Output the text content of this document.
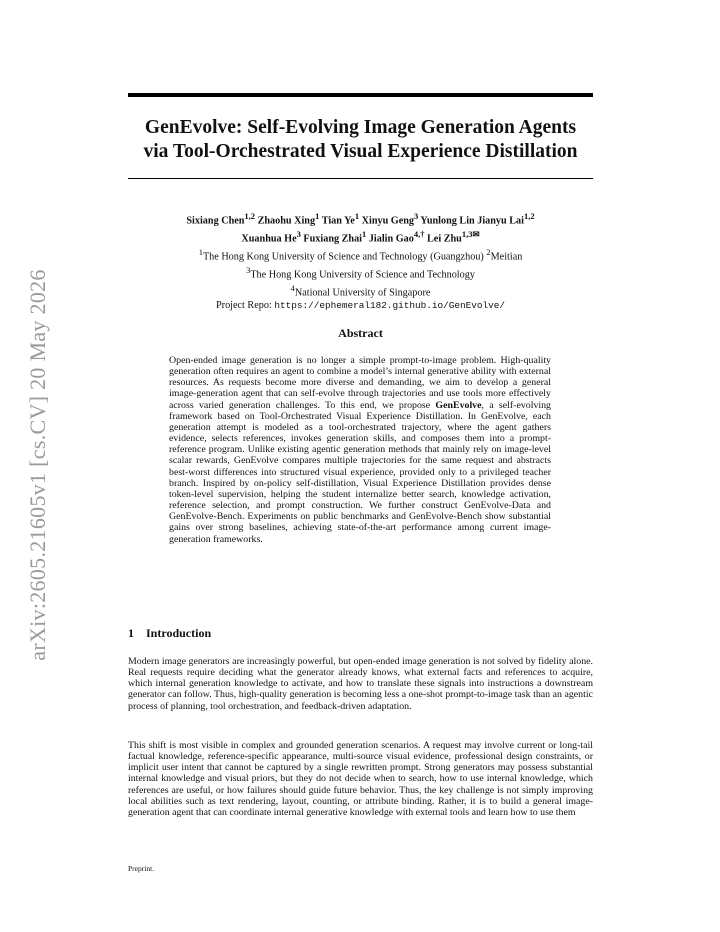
arXiv:2605.21605v1 [cs.CV] 20 May 2026
GenEvolve: Self-Evolving Image Generation Agents
via Tool-Orchestrated Visual Experience Distillation
Sixiang Chen$^{1,2}$ Zhaohu Xing$^1$ Tian Ye$^1$ Xinyu Geng$^3$ Yunlong Lin Jianyu Lai$^{1,2}$
Xuanhua He$^3$ Fuxiang Zhai$^1$ Jialin Gao$^{4,\dagger}$ Lei Zhu$^{1,3✉}$
$^1$The Hong Kong University of Science and Technology (Guangzhou) $^2$Meitian
$^3$The Hong Kong University of Science and Technology
$^4$National University of Singapore
Project Repo: https://ephemeral182.github.io/GenEvolve/
Abstract
Open-ended image generation is no longer a simple prompt-to-image problem. High-quality generation often requires an agent to combine a model’s internal generative ability with external resources. As requests become more diverse and demanding, we aim to develop a general image-generation agent that can self-evolve through trajectories and use tools more effectively across varied generation challenges. To this end, we propose GenEvolve, a self-evolving framework based on Tool-Orchestrated Visual Experience Distillation. In GenEvolve, each generation attempt is modeled as a tool-orchestrated trajectory, where the agent gathers evidence, selects references, invokes generation skills, and composes them into a prompt-reference program. Unlike existing agentic generation methods that mainly rely on image-level scalar rewards, GenEvolve compares multiple trajectories for the same request and abstracts best-worst differences into structured visual experience, provided only to a privileged teacher branch. Inspired by on-policy self-distillation, Visual Experience Distillation provides dense token-level supervision, helping the student internalize better search, knowledge activation, reference selection, and prompt construction. We further construct GenEvolve-Data and GenEvolve-Bench. Experiments on public benchmarks and GenEvolve-Bench show substantial gains over strong baselines, achieving state-of-the-art performance among current image-generation frameworks.
1 Introduction
Modern image generators are increasingly powerful, but open-ended image generation is not solved by fidelity alone. Real requests require deciding what the generator already knows, what external facts and references to acquire, which internal generation knowledge to activate, and how to translate these signals into instructions a downstream generator can follow. Thus, high-quality generation is becoming less a one-shot prompt-to-image task than an agentic process of planning, tool orchestration, and feedback-driven adaptation.
This shift is most visible in complex and grounded generation scenarios. A request may involve current or long-tail factual knowledge, reference-specific appearance, multi-source visual evidence, professional design constraints, or implicit user intent that cannot be captured by a single rewritten prompt. Strong generators may possess substantial internal knowledge and visual priors, but they do not decide when to search, how to use internal knowledge, which references are useful, or how failures should guide future behavior. Thus, the key challenge is not simply improving local abilities such as text rendering, layout, counting, or attribute binding. Rather, it is to build a general image-generation agent that can coordinate internal generative knowledge with external tools and learn how to use them
Preprint.
